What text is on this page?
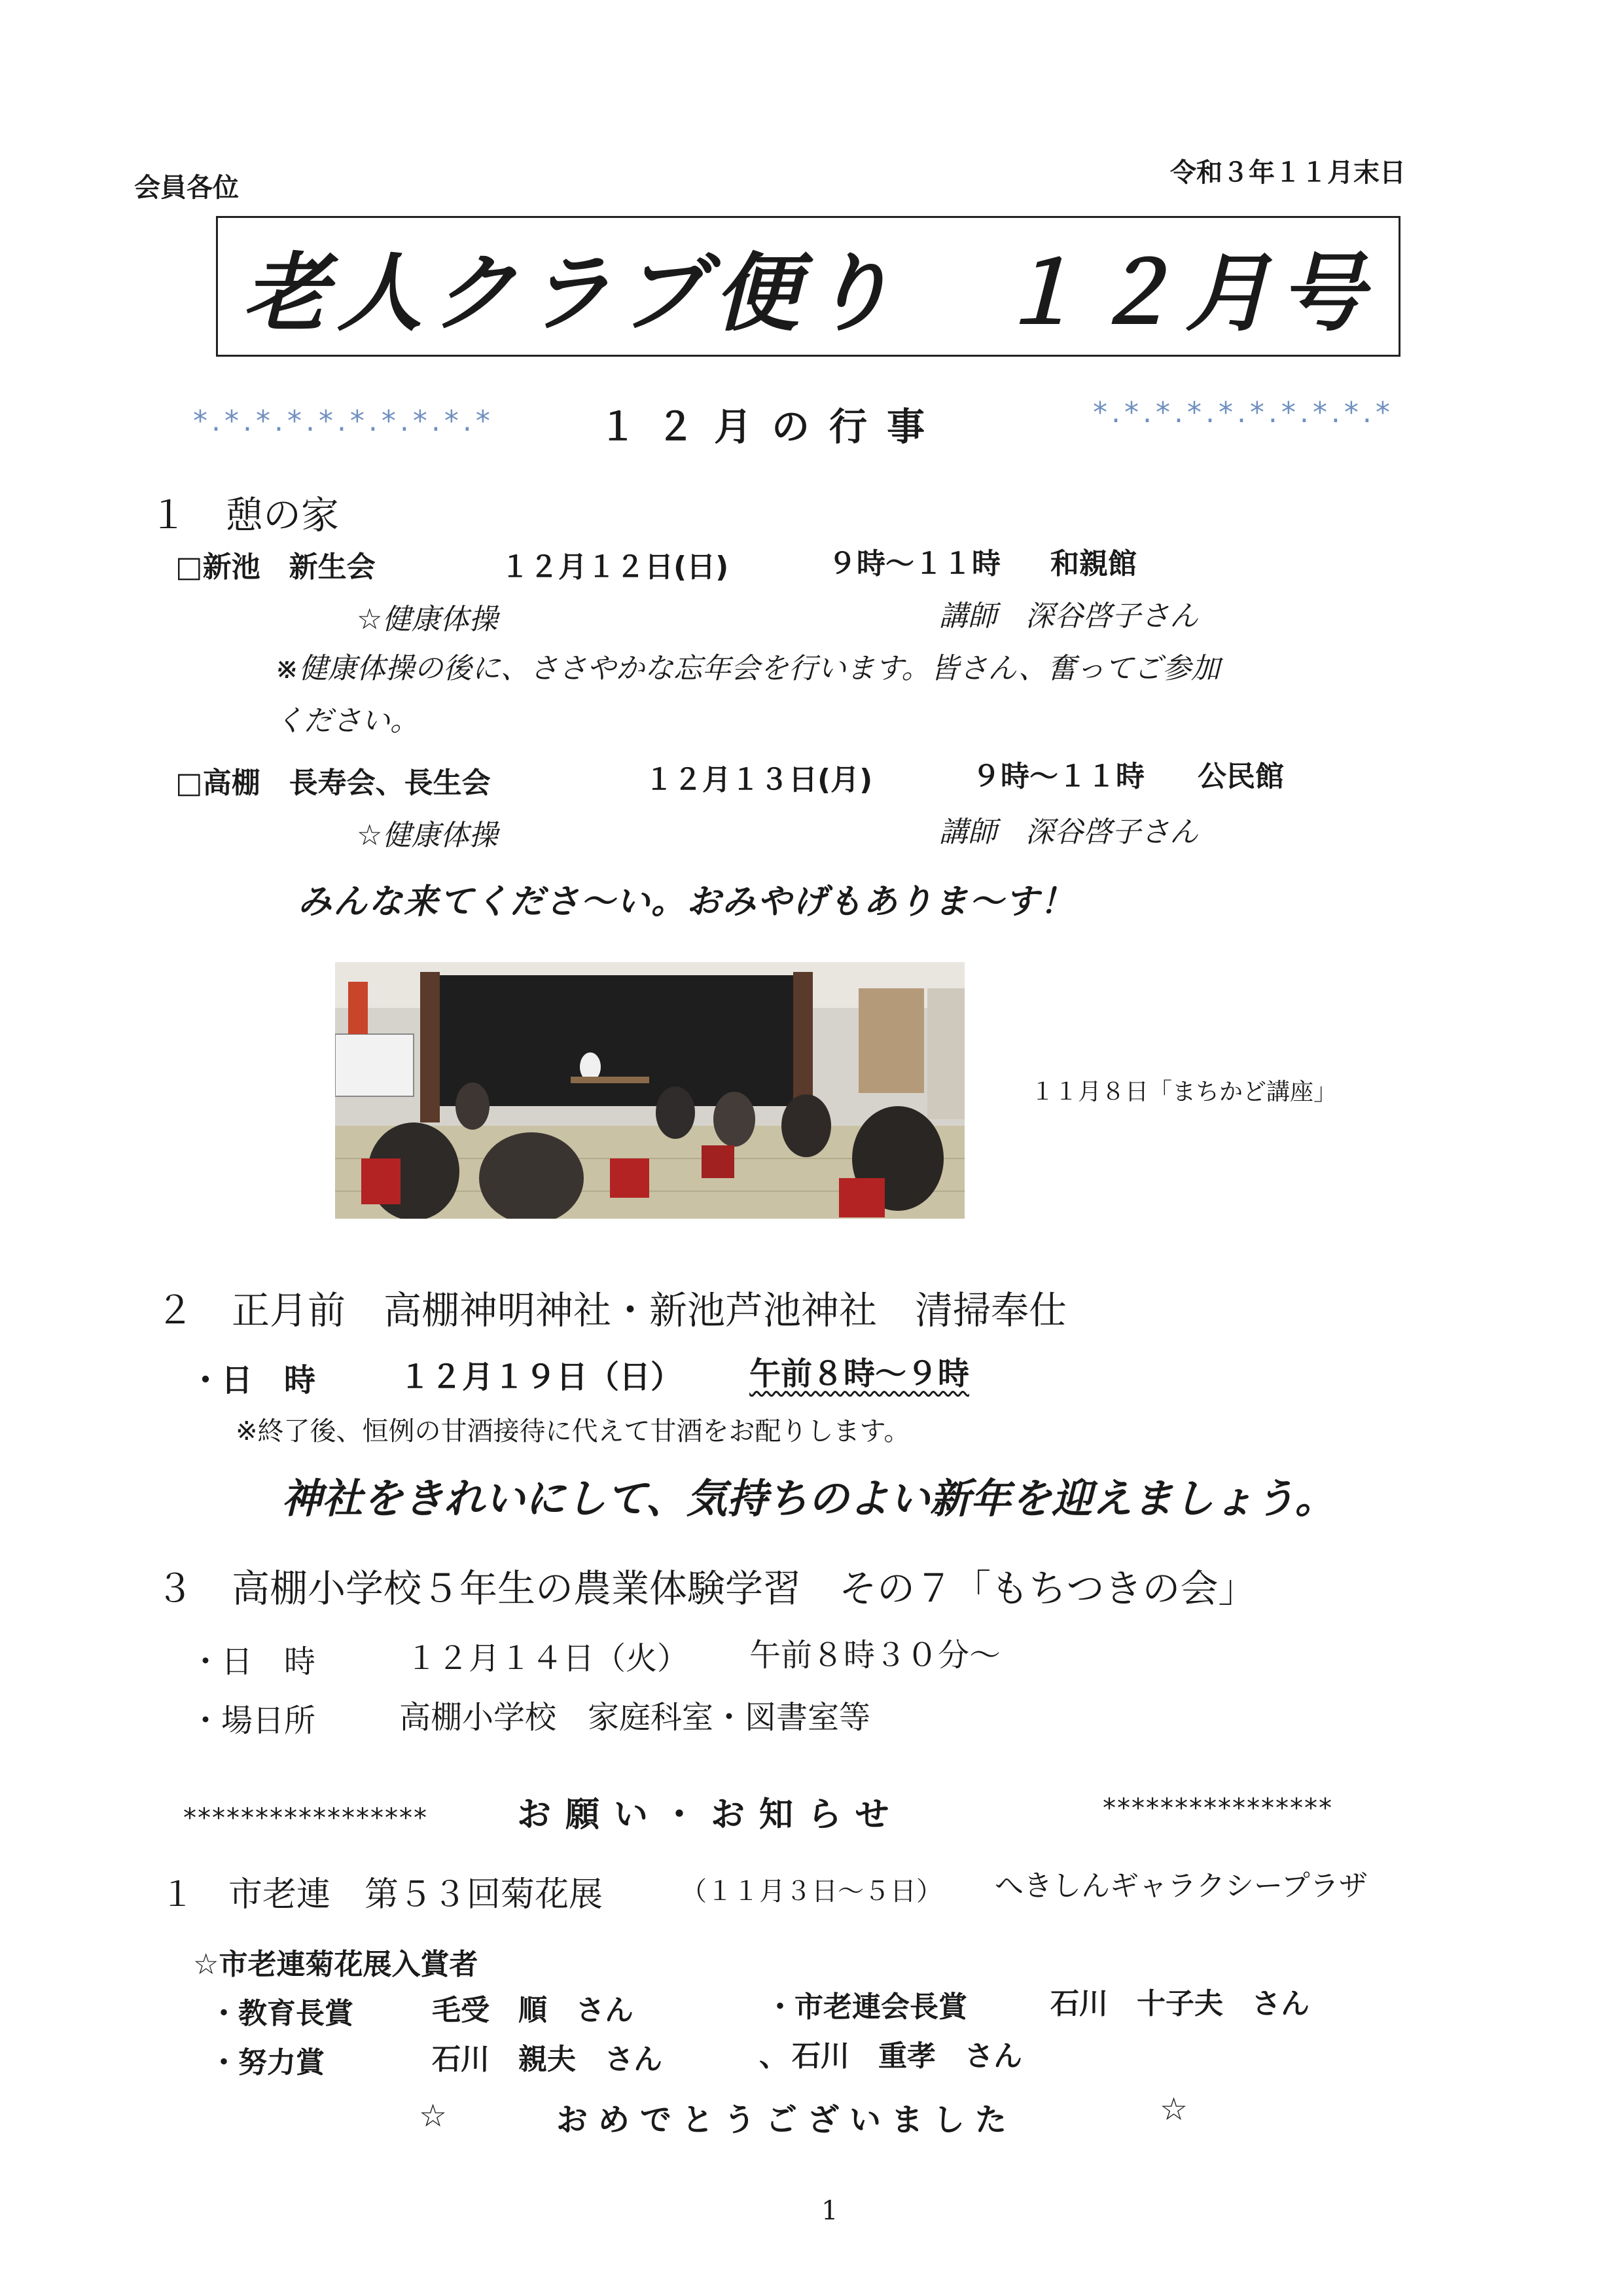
会員各位	令和３年１１月末日
老人クラブ便り　１２月号
*.*.*.*.*.*.*.*.*.*	１２月の行事	*.*.*.*.*.*.*.*.*.*
１　憩の家
□新池　新生会	１２月１２日(日)	９時～１１時 和親館
☆健康体操	講師　深谷啓子さん
※健康体操の後に、ささやかな忘年会を行います。皆さん、奮ってご参加
ください。
□高棚　長寿会、長生会	１２月１３日(月)	９時～１１時 公民館
☆健康体操	講師　深谷啓子さん
みんな来てくださ～い。おみやげもありま～す！
１１月８日「まちかど講座」
２　正月前　高棚神明神社・新池芦池神社　清掃奉仕
・日　時	１２月１９日（日） 午前８時～９時
※終了後、恒例の甘酒接待に代えて甘酒をお配りします。
神社をきれいにして、気持ちのよい新年を迎えましょう。
３　高棚小学校５年生の農業体験学習　その７「もちつきの会」
・日　時	１２月１４日（火） 午前８時３０分～
・場日所	高棚小学校　家庭科室・図書室等
*****************	お願い・お知らせ	****************
１　市老連　第５３回菊花展	（１１月３日～５日） へきしんギャラクシープラザ
☆市老連菊花展入賞者
・教育長賞	毛受　順　さん	・市老連会長賞	石川　十子夫　さん
・努力賞	石川　親夫　さん	、 石川　重孝　さん
☆	おめでとうございました	☆
1
